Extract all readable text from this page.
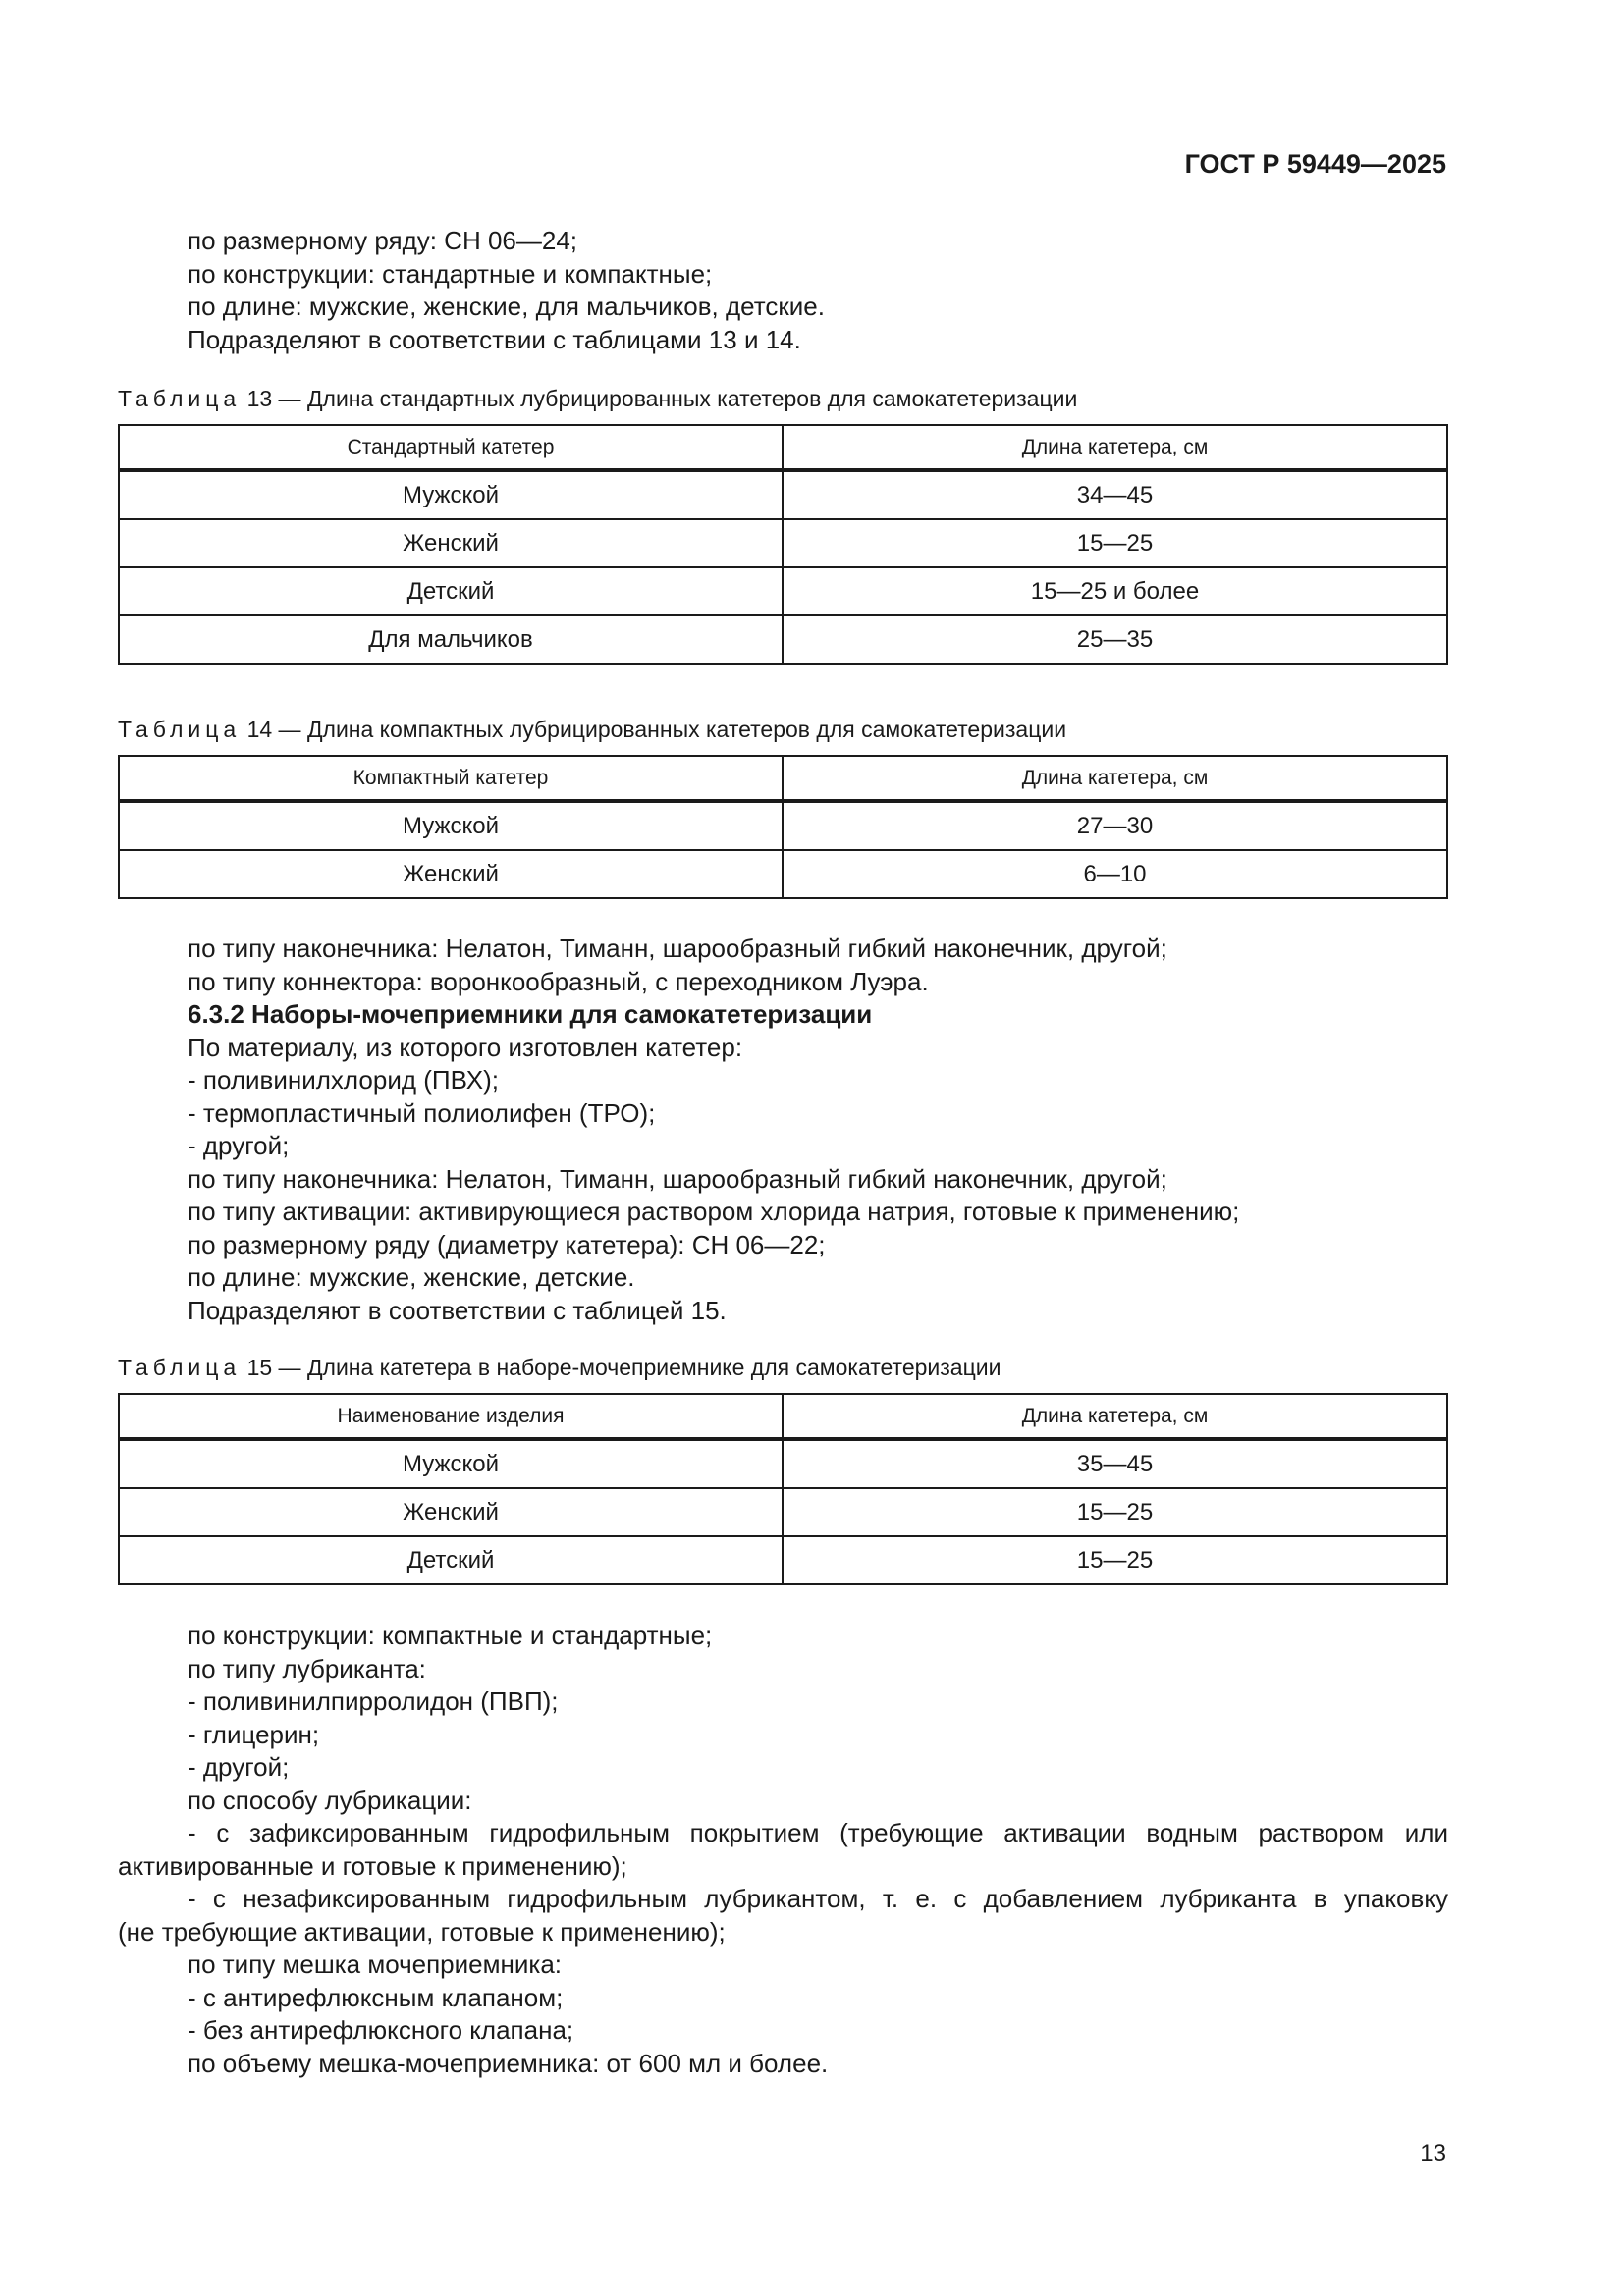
ГОСТ Р 59449—2025
по размерному ряду: СН 06—24;
по конструкции: стандартные и компактные;
по длине: мужские, женские, для мальчиков, детские.
Подразделяют в соответствии с таблицами 13 и 14.
Таблица 13 — Длина стандартных лубрицированных катетеров для самокатетеризации
Стандартный катетер	Длина катетера, см
Мужской	34—45
Женский	15—25
Детский	15—25 и более
Для мальчиков	25—35
Таблица 14 — Длина компактных лубрицированных катетеров для самокатетеризации
Компактный катетер	Длина катетера, см
Мужской	27—30
Женский	6—10
по типу наконечника: Нелатон, Тиманн, шарообразный гибкий наконечник, другой;
по типу коннектора: воронкообразный, с переходником Луэра.
6.3.2 Наборы-мочеприемники для самокатетеризации
По материалу, из которого изготовлен катетер:
- поливинилхлорид (ПВХ);
- термопластичный полиолифен (ТРО);
- другой;
по типу наконечника: Нелатон, Тиманн, шарообразный гибкий наконечник, другой;
по типу активации: активирующиеся раствором хлорида натрия, готовые к применению;
по размерному ряду (диаметру катетера): СН 06—22;
по длине: мужские, женские, детские.
Подразделяют в соответствии с таблицей 15.
Таблица 15 — Длина катетера в наборе-мочеприемнике для самокатетеризации
Наименование изделия	Длина катетера, см
Мужской	35—45
Женский	15—25
Детский	15—25
по конструкции: компактные и стандартные;
по типу лубриканта:
- поливинилпирролидон (ПВП);
- глицерин;
- другой;
по способу лубрикации:
- с зафиксированным гидрофильным покрытием (требующие активации водным раствором или
активированные и готовые к применению);
- с незафиксированным гидрофильным лубрикантом, т. е. с добавлением лубриканта в упаковку
(не требующие активации, готовые к применению);
по типу мешка мочеприемника:
- с антирефлюксным клапаном;
- без антирефлюксного клапана;
по объему мешка-мочеприемника: от 600 мл и более.
13
